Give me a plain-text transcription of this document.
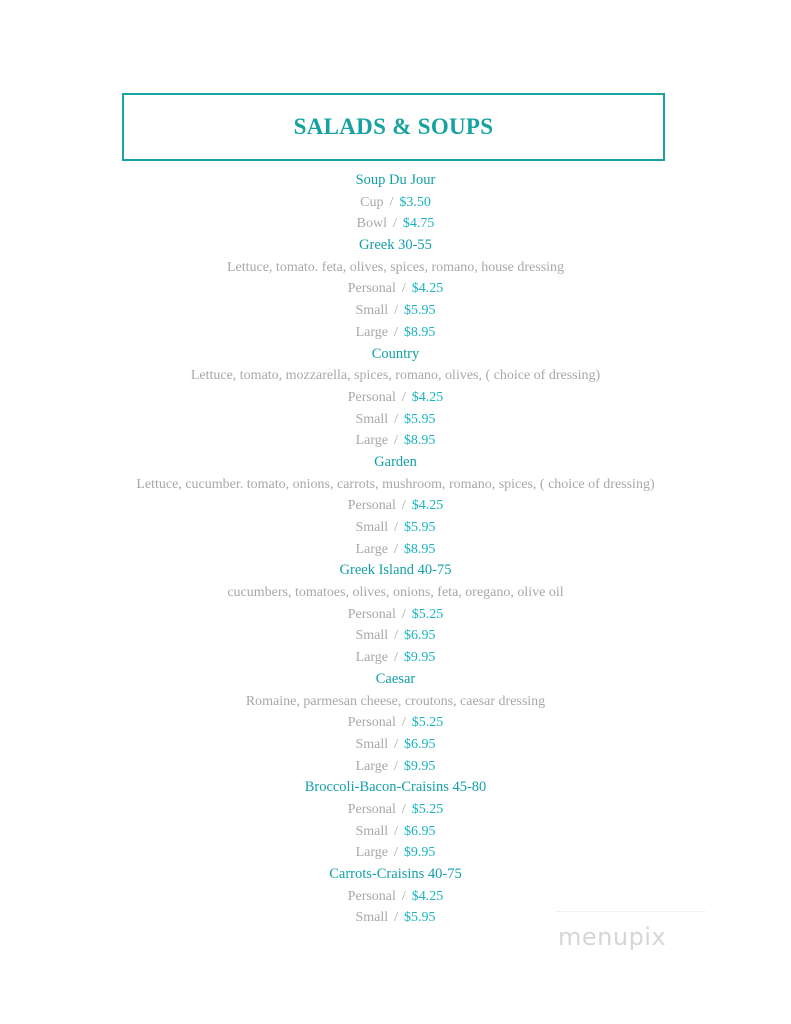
SALADS & SOUPS
Soup Du Jour
Cup / $3.50
Bowl / $4.75
Greek 30-55
Lettuce, tomato. feta, olives, spices, romano, house dressing
Personal / $4.25
Small / $5.95
Large / $8.95
Country
Lettuce, tomato, mozzarella, spices, romano, olives, ( choice of dressing)
Personal / $4.25
Small / $5.95
Large / $8.95
Garden
Lettuce, cucumber. tomato, onions, carrots, mushroom, romano, spices, ( choice of dressing)
Personal / $4.25
Small / $5.95
Large / $8.95
Greek Island 40-75
cucumbers, tomatoes, olives, onions, feta, oregano, olive oil
Personal / $5.25
Small / $6.95
Large / $9.95
Caesar
Romaine, parmesan cheese, croutons, caesar dressing
Personal / $5.25
Small / $6.95
Large / $9.95
Broccoli-Bacon-Craisins 45-80
Personal / $5.25
Small / $6.95
Large / $9.95
Carrots-Craisins 40-75
Personal / $4.25
Small / $5.95
menupix
